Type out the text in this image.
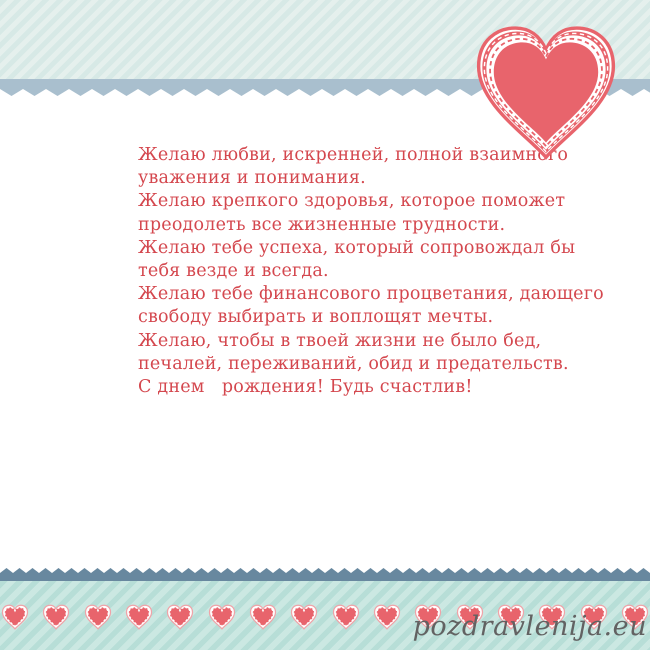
Желаю любви, искренней, полной взаимного
уважения и понимания.
Желаю крепкого здоровья, которое поможет
преодолеть все жизненные трудности.
Желаю тебе успеха, который сопровождал бы
тебя везде и всегда.
Желаю тебе финансового процветания, дающего
свободу выбирать и воплощят мечты.
Желаю, чтобы в твоей жизни не было бед,
печалей, переживаний, обид и предательств.
С днем   рождения! Будь счастлив!
pozdravlenija.eu
